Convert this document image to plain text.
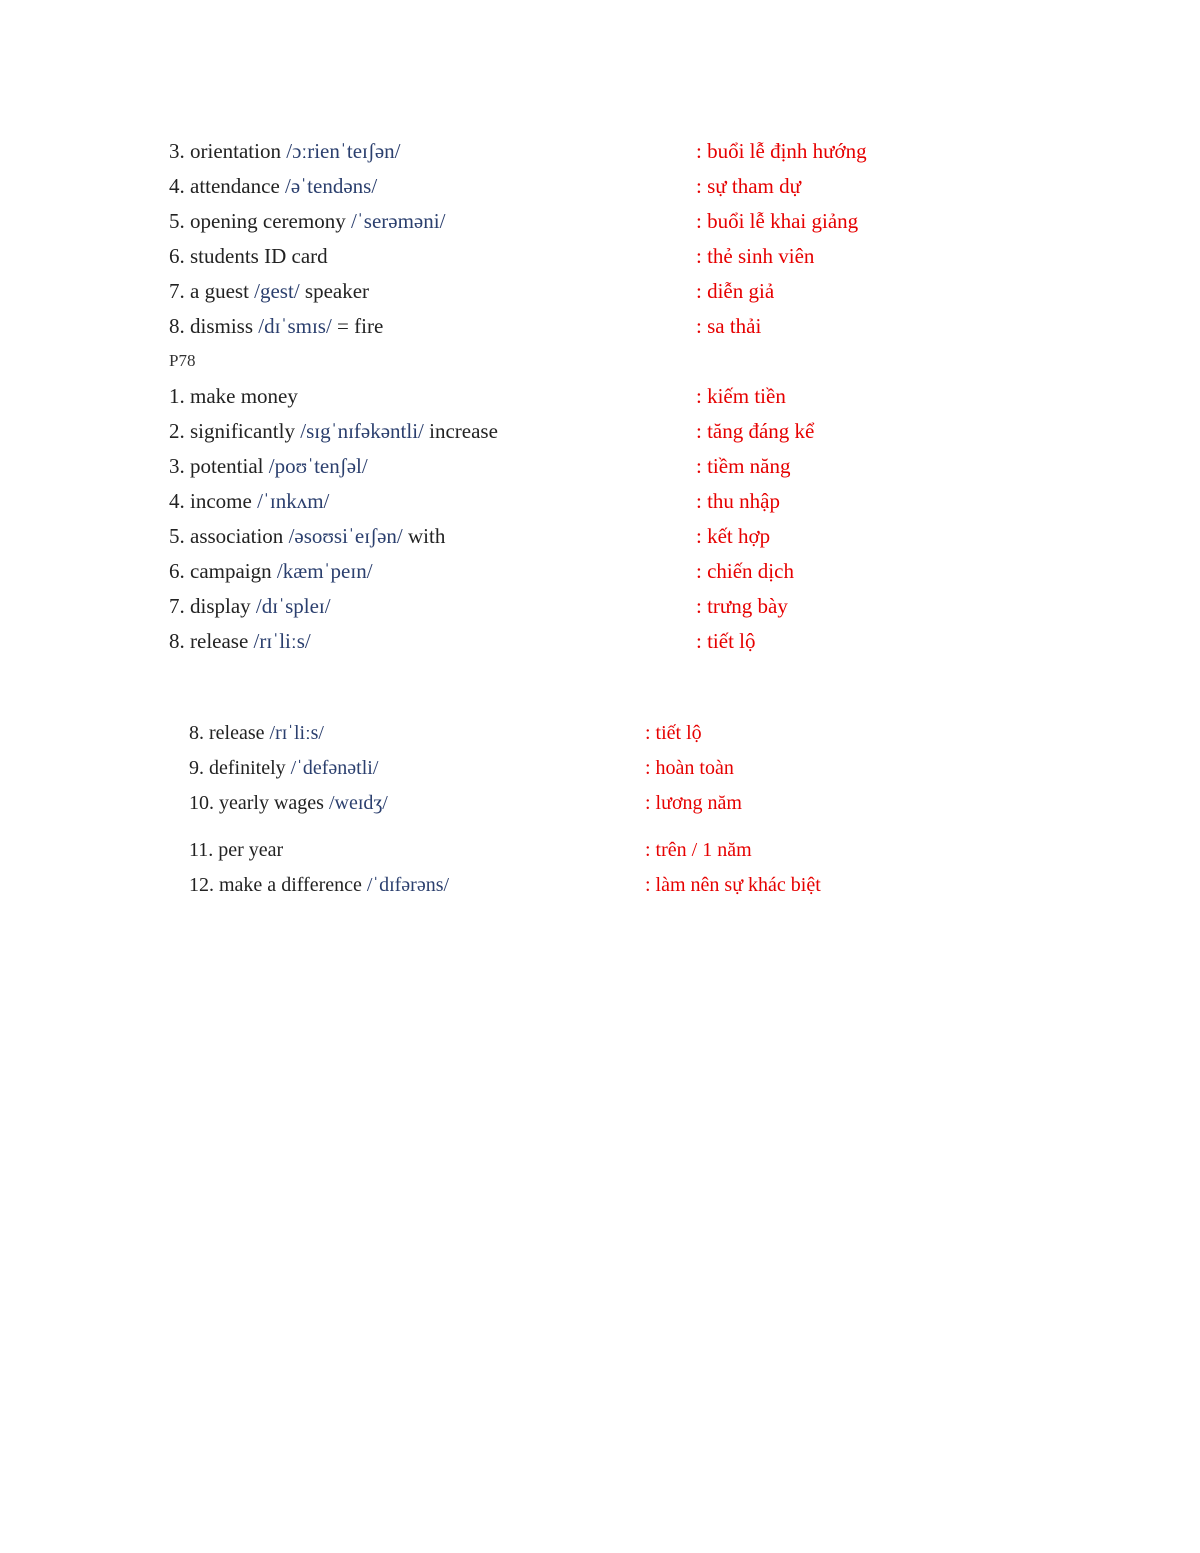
3. orientation /ɔːrienˈteɪʃən/	: buổi lễ định hướng
4. attendance /əˈtendəns/	: sự tham dự
5. opening ceremony /ˈserəməni/	: buổi lễ khai giảng
6. students ID card	: thẻ sinh viên
7. a guest /gest/ speaker	: diễn giả
8. dismiss /dɪˈsmɪs/ = fire	: sa thải
P78
1. make money	: kiếm tiền
2. significantly /sɪgˈnɪfəkəntli/ increase	: tăng đáng kể
3. potential /poʊˈtenʃəl/	: tiềm năng
4. income /ˈɪnkʌm/	: thu nhập
5. association /əsoʊsiˈeɪʃən/ with	: kết hợp
6. campaign /kæmˈpeɪn/	: chiến dịch
7. display /dɪˈspleɪ/	: trưng bày
8. release /rɪˈliːs/	: tiết lộ
8. release /rɪˈliːs/	: tiết lộ
9. definitely /ˈdefənətli/	: hoàn toàn
10. yearly wages /weɪdʒ/	: lương năm
11. per year	: trên / 1 năm
12. make a difference /ˈdɪfərəns/	: làm nên sự khác biệt
